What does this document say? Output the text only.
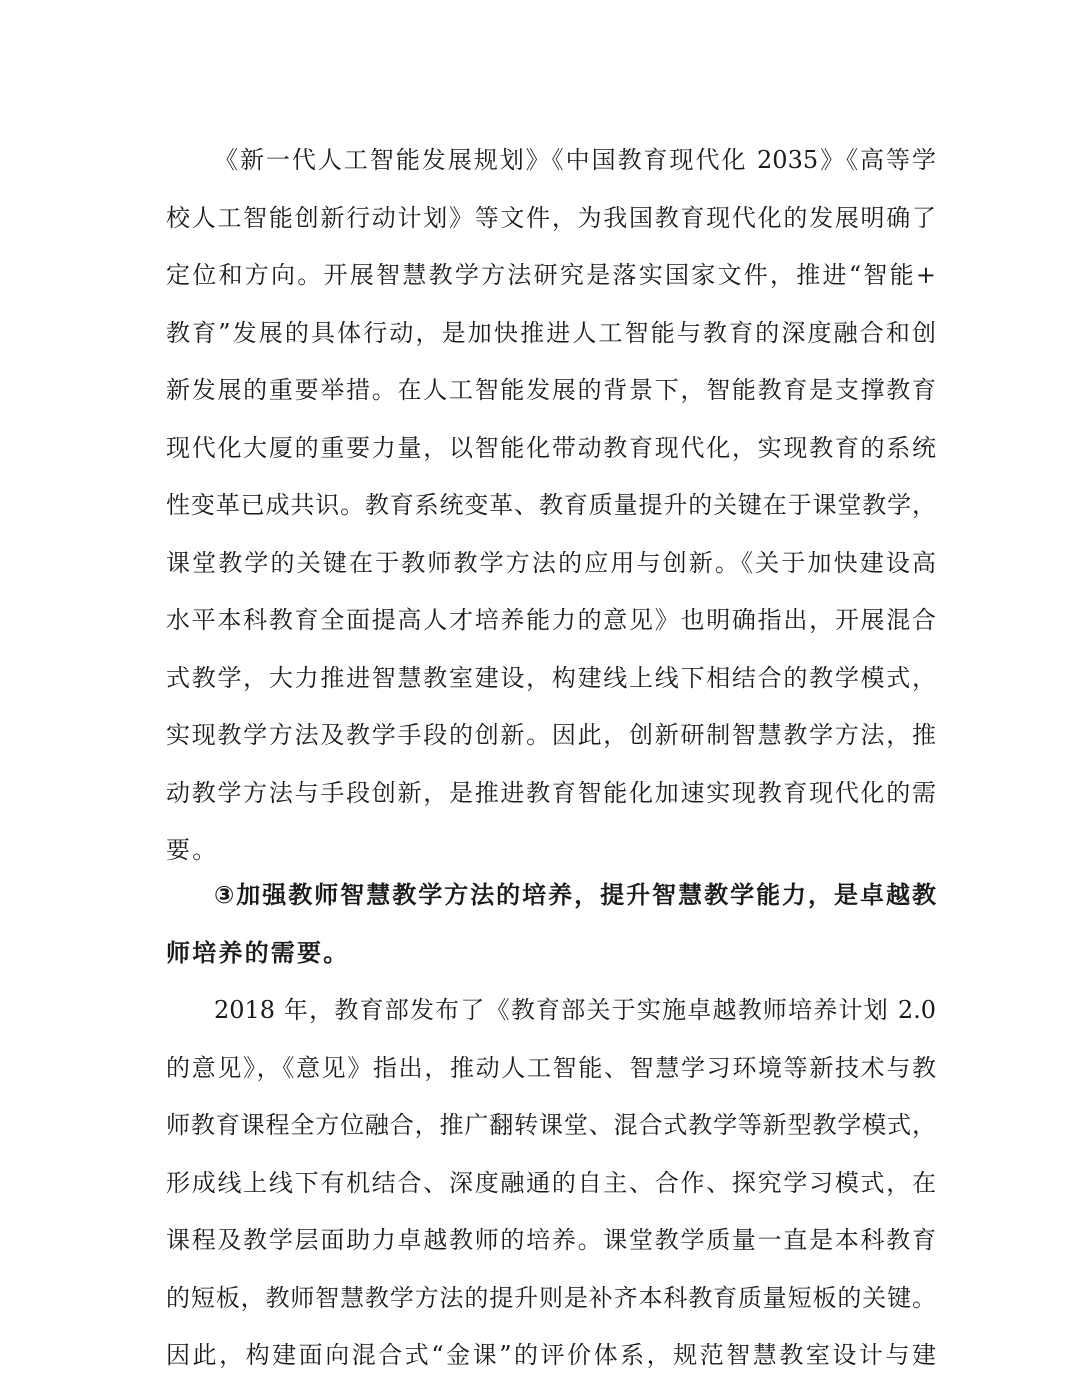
《新一代人工智能发展规划》《中国教育现代化 2035》《高等学
校人工智能创新行动计划》等文件，为我国教育现代化的发展明确了
定位和方向。开展智慧教学方法研究是落实国家文件，推进“智能+
教育”发展的具体行动，是加快推进人工智能与教育的深度融合和创
新发展的重要举措。在人工智能发展的背景下，智能教育是支撑教育
现代化大厦的重要力量，以智能化带动教育现代化，实现教育的系统
性变革已成共识。教育系统变革、教育质量提升的关键在于课堂教学，
课堂教学的关键在于教师教学方法的应用与创新。《关于加快建设高
水平本科教育全面提高人才培养能力的意见》也明确指出，开展混合
式教学，大力推进智慧教室建设，构建线上线下相结合的教学模式，
实现教学方法及教学手段的创新。因此，创新研制智慧教学方法，推
动教学方法与手段创新，是推进教育智能化加速实现教育现代化的需
要。
③加强教师智慧教学方法的培养，提升智慧教学能力，是卓越教
师培养的需要。
2018 年，教育部发布了《教育部关于实施卓越教师培养计划 2.0
的意见》，《意见》指出，推动人工智能、智慧学习环境等新技术与教
师教育课程全方位融合，推广翻转课堂、混合式教学等新型教学模式，
形成线上线下有机结合、深度融通的自主、合作、探究学习模式，在
课程及教学层面助力卓越教师的培养。课堂教学质量一直是本科教育
的短板，教师智慧教学方法的提升则是补齐本科教育质量短板的关键。
因此，构建面向混合式“金课”的评价体系，规范智慧教室设计与建
